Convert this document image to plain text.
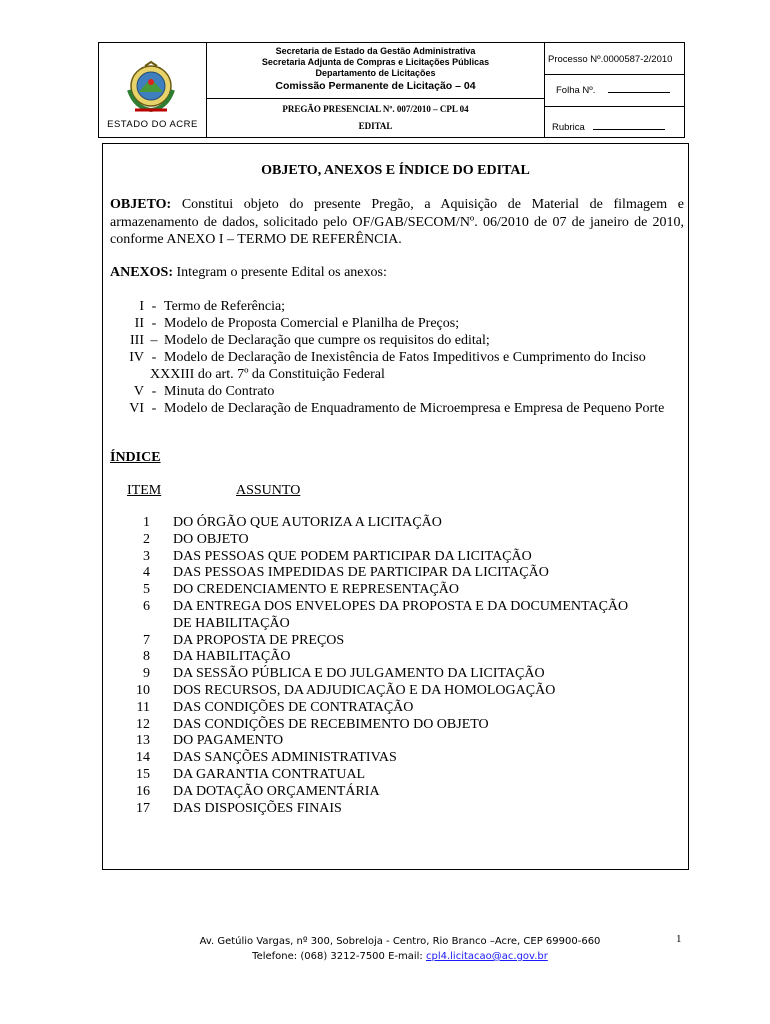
ESTADO DO ACRE
Secretaria de Estado da Gestão Administrativa
Secretaria Adjunta de Compras e Licitações Públicas
Departamento de Licitações
Comissão Permanente de Licitação – 04
PREGÃO PRESENCIAL Nº. 007/2010 – CPL 04
EDITAL
Processo Nº.0000587-2/2010
Folha Nº.
Rubrica
OBJETO, ANEXOS E ÍNDICE DO EDITAL
OBJETO: Constitui objeto do presente Pregão, a Aquisição de Material de filmagem e armazenamento de dados, solicitado pelo OF/GAB/SECOM/Nº. 06/2010 de 07 de janeiro de 2010, conforme ANEXO I – TERMO DE REFERÊNCIA.
ANEXOS: Integram o presente Edital os anexos:
I - Termo de Referência;
II - Modelo de Proposta Comercial e Planilha de Preços;
III – Modelo de Declaração que cumpre os requisitos do edital;
IV - Modelo de Declaração de Inexistência de Fatos Impeditivos e Cumprimento do Inciso
XXXIII do art. 7º da Constituição Federal
V - Minuta do Contrato
VI - Modelo de Declaração de Enquadramento de Microempresa e Empresa de Pequeno Porte
ÍNDICE
ITEM	ASSUNTO
1 DO ÓRGÃO QUE AUTORIZA A LICITAÇÃO
2 DO OBJETO
3 DAS PESSOAS QUE PODEM PARTICIPAR DA LICITAÇÃO
4 DAS PESSOAS IMPEDIDAS DE PARTICIPAR DA LICITAÇÃO
5 DO CREDENCIAMENTO E REPRESENTAÇÃO
6 DA ENTREGA DOS ENVELOPES DA PROPOSTA E DA DOCUMENTAÇÃO
DE HABILITAÇÃO
7 DA PROPOSTA DE PREÇOS
8 DA HABILITAÇÃO
9 DA SESSÃO PÚBLICA E DO JULGAMENTO DA LICITAÇÃO
10 DOS RECURSOS, DA ADJUDICAÇÃO E DA HOMOLOGAÇÃO
11 DAS CONDIÇÕES DE CONTRATAÇÃO
12 DAS CONDIÇÕES DE RECEBIMENTO DO OBJETO
13 DO PAGAMENTO
14 DAS SANÇÕES ADMINISTRATIVAS
15 DA GARANTIA CONTRATUAL
16 DA DOTAÇÃO ORÇAMENTÁRIA
17 DAS DISPOSIÇÕES FINAIS
Av. Getúlio Vargas, nº 300, Sobreloja - Centro, Rio Branco –Acre, CEP 69900-660
Telefone: (068) 3212-7500 E-mail: cpl4.licitacao@ac.gov.br
1
